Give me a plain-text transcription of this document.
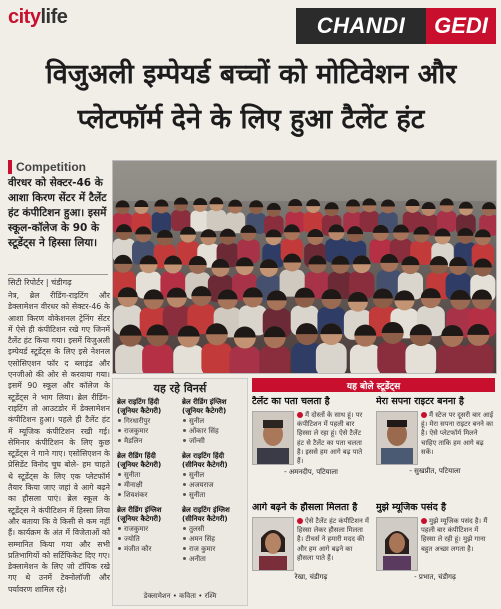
citylife	CHANDI	GEDI
विजुअली इम्पेयर्ड बच्चों को मोटिवेशन और प्लेटफॉर्म देने के लिए हुआ टैलेंट हंट
Competition
वीरधर को सेक्टर-46 के आशा किरण सेंटर में टैलेंट हंट कंपीटिशन हुआ। इसमें स्कूल-कॉलेज के 90 के स्टूडेंट्स ने हिस्सा लिया।
सिटी रिपोर्टर | चंडीगढ़
नेत्र, ब्रेल रीडिंग-राइटिंग और डेक्लामेशन वीरधर को सेक्टर-46 के आशा किरण वोकेशनल ट्रेनिंग सेंटर में ऐसे ही कंपीटिशन रखे गए जिनमें टैलेंट हंट किया गया। इसमें विजुअली इम्पेयर्ड स्टूडेंट्स के लिए इसे नेशनल एसोसिएशन फॉर द ब्लाइंड और एनजीओ की ओर से करवाया गया। इसमें 90 स्कूल और कॉलेज के स्टूडेंट्स ने भाग लिया। ब्रेल रीडिंग-राइटिंग तो आउटडोर में डेक्लामेशन कंपीटिशन हुआ। पहले ही टैलेंट हंट में म्यूजिक कंपीटिशन रखी गई। सेमिनार कंपीटिशन के लिए कुछ स्टूडेंट्स ने गाने गाए। एसोसिएशन के प्रेसिडेंट विनोद चुघ बोले- हम चाहते थे स्टूडेंट्स के लिए एक प्लेटफॉर्म तैयार किया जाए जहां वे आगे बढ़ने का हौसला पाएं। ब्रेल स्कूल के स्टूडेंट्स ने कंपीटिशन में हिस्सा लिया और बताया कि वे किसी से कम नहीं हैं। कार्यक्रम के अंत में विजेताओं को सम्मानित किया गया और सभी प्रतिभागियों को सर्टिफिकेट दिए गए। डेक्लामेशन के लिए जो टॉपिक रखे गए थे उनमें टेक्नोलॉजी और पर्यावरण शामिल रहे।
यह रहे विनर्स
ब्रेल राइटिंग हिंदी (जूनियर कैटेगरी)
गिरधारीपुर
राजकुमार
मैडलिन
ब्रेल रीडिंग इंग्लिश (जूनियर कैटेगरी)
सुनील
ओंकार सिंह
जॉन्सी
ब्रेल रीडिंग हिंदी (जूनियर कैटेगरी)
सुनीता
मीनाक्षी
शिवशंकर
ब्रेल राइटिंग हिंदी (सीनियर कैटेगरी)
सुनील
अजयराज
सुनीता
ब्रेल रीडिंग इंग्लिश (जूनियर कैटेगरी)
राजकुमार
ज्योति
मंजीत कौर
ब्रेल राइटिंग इंग्लिश (सीनियर कैटेगरी)
तुलसी
अमन सिंह
राज कुमार
अनीता
डेक्लामेशन • कविता • रश्मि
यह बोले स्टूडेंट्स
टैलेंट का पता चलता है
मैं दोस्तों के साथ हूं। पर कंपीटिशन में पहली बार हिस्सा ले रहा हूं। ऐसे टैलेंट हंट से टैलेंट का पता चलता है। इससे हम आगे बढ़ पाते हैं।
- अमनदीप, पटियाला
मेरा सपना राइटर बनना है
मैं स्टेज पर दूसरी बार आई हूं। मेरा सपना राइटर बनने का है। ऐसे प्लेटफॉर्म मिलने चाहिए ताकि हम आगे बढ़ सकें।
- सुखप्रीत, पटियाला
आगे बढ़ने के हौसला मिलता है
ऐसे टैलेंट हंट कंपीटिशन में हिस्सा लेकर हौसला मिलता है। टीचर्स ने हमारी मदद की और हम आगे बढ़ने का हौसला पाते हैं।
रेखा, चंडीगढ़
मुझे म्यूजिक पसंद है
मुझे म्यूजिक पसंद है। मैं पहली बार कंपीटिशन में हिस्सा ले रही हूं। मुझे गाना बहुत अच्छा लगता है।
- प्रभात, चंडीगढ़
